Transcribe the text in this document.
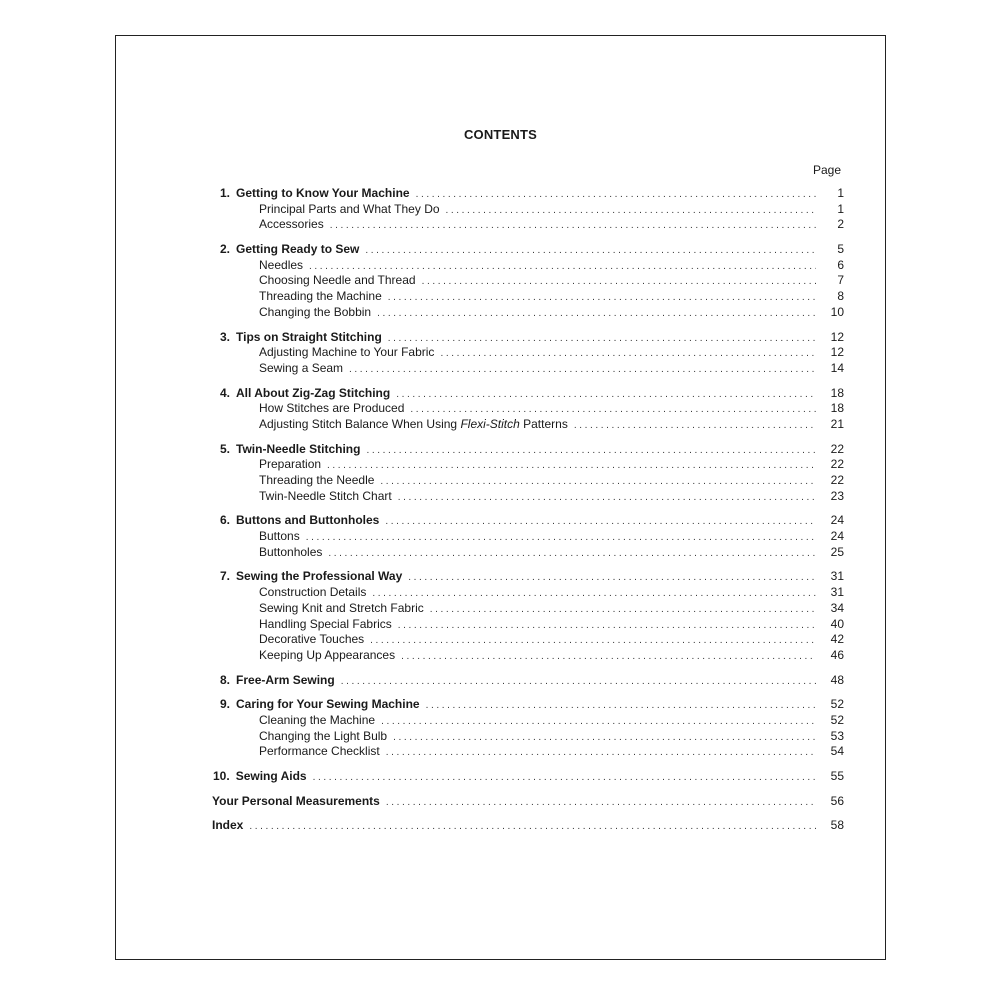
CONTENTS
Page
1. Getting to Know Your Machine .....	1
Principal Parts and What They Do .....	1
Accessories .....	2
2. Getting Ready to Sew .....	5
Needles .....	6
Choosing Needle and Thread .....	7
Threading the Machine .....	8
Changing the Bobbin .....	10
3. Tips on Straight Stitching .....	12
Adjusting Machine to Your Fabric .....	12
Sewing a Seam .....	14
4. All About Zig-Zag Stitching .....	18
How Stitches are Produced .....	18
Adjusting Stitch Balance When Using Flexi-Stitch Patterns .....	21
5. Twin-Needle Stitching .....	22
Preparation .....	22
Threading the Needle .....	22
Twin-Needle Stitch Chart .....	23
6. Buttons and Buttonholes .....	24
Buttons .....	24
Buttonholes .....	25
7. Sewing the Professional Way .....	31
Construction Details .....	31
Sewing Knit and Stretch Fabric .....	34
Handling Special Fabrics .....	40
Decorative Touches .....	42
Keeping Up Appearances .....	46
8. Free-Arm Sewing .....	48
9. Caring for Your Sewing Machine .....	52
Cleaning the Machine .....	52
Changing the Light Bulb .....	53
Performance Checklist .....	54
10. Sewing Aids .....	55
Your Personal Measurements .....	56
Index .....	58
